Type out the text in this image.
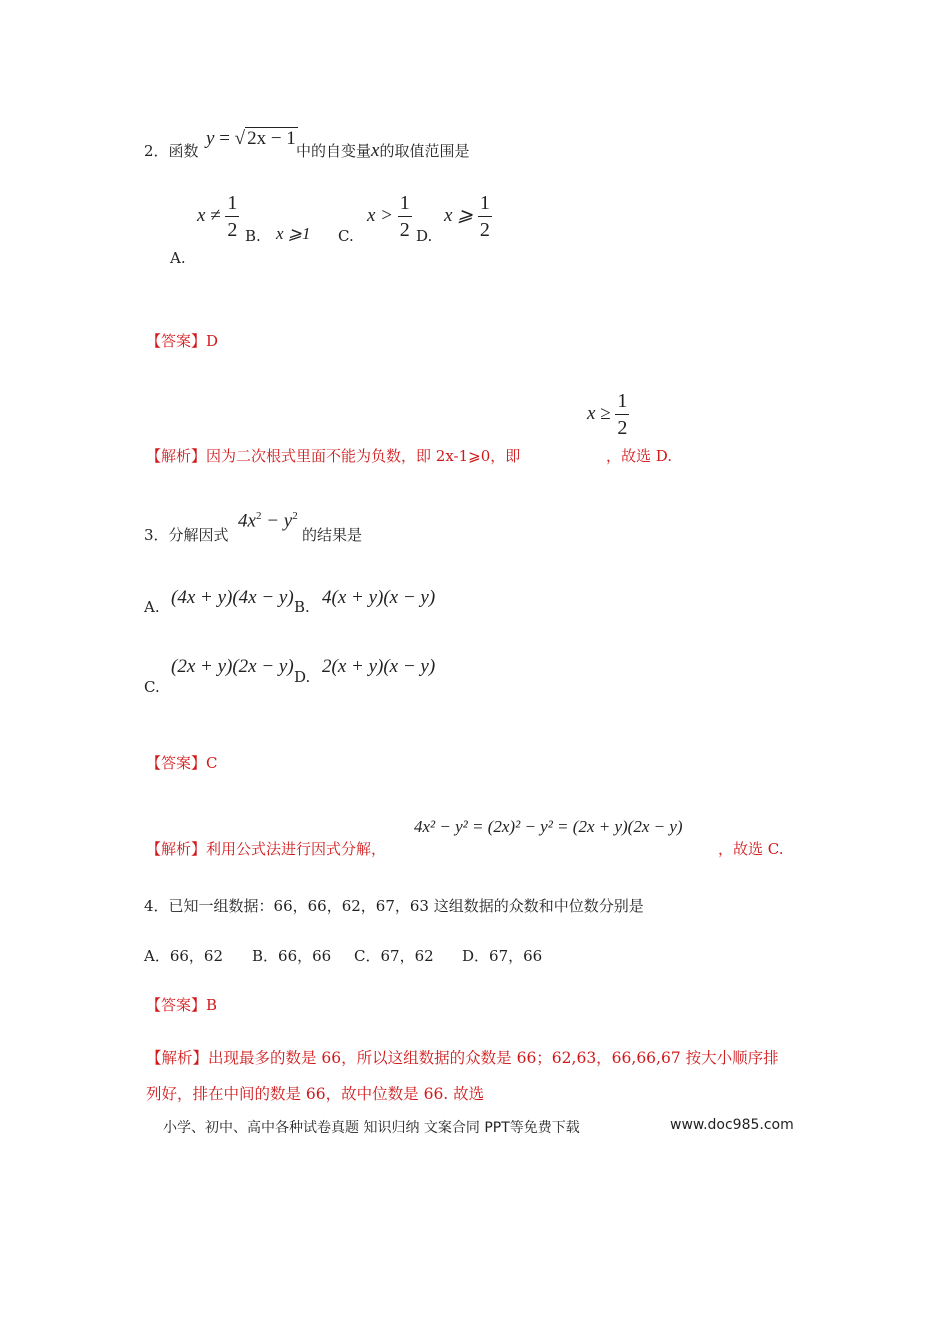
2．函数
y = √ 2x − 1
中的自变量x的取值范围是
$x \ne \frac{1}{2}$
A.
B. x ⩾1 C.
$x > \frac{1}{2} D$.
x ⩾ $\frac{1}{2}$
【答案】D
$x \ge \frac{1}{2}$
【解析】因为二次根式里面不能为负数，即 2x-1⩾0，即	，故选 D.
3．分解因式
$4x^2 - y^2$
的结果是
A. (4x + y)(4x − y) B. 4(x + y)(x − y)
C.
(2x + y)(2x − y) D. 2(x + y)(x − y)
【答案】C
4x² − y² = (2x)² − y² = (2x + y)(2x − y)
【解析】利用公式法进行因式分解，	，故选 C.
4．已知一组数据：66，66，62，67，63 这组数据的众数和中位数分别是
A．66，62 B．66，66 C．67，62 D．67，66
【答案】B
【解析】出现最多的数是 66，所以这组数据的众数是 66；62,63，66,66,67 按大小顺序排
列好，排在中间的数是 66，故中位数是 66. 故选
小学、初中、高中各种试卷真题 知识归纳 文案合同 PPT等免费下载	www.doc985.com
